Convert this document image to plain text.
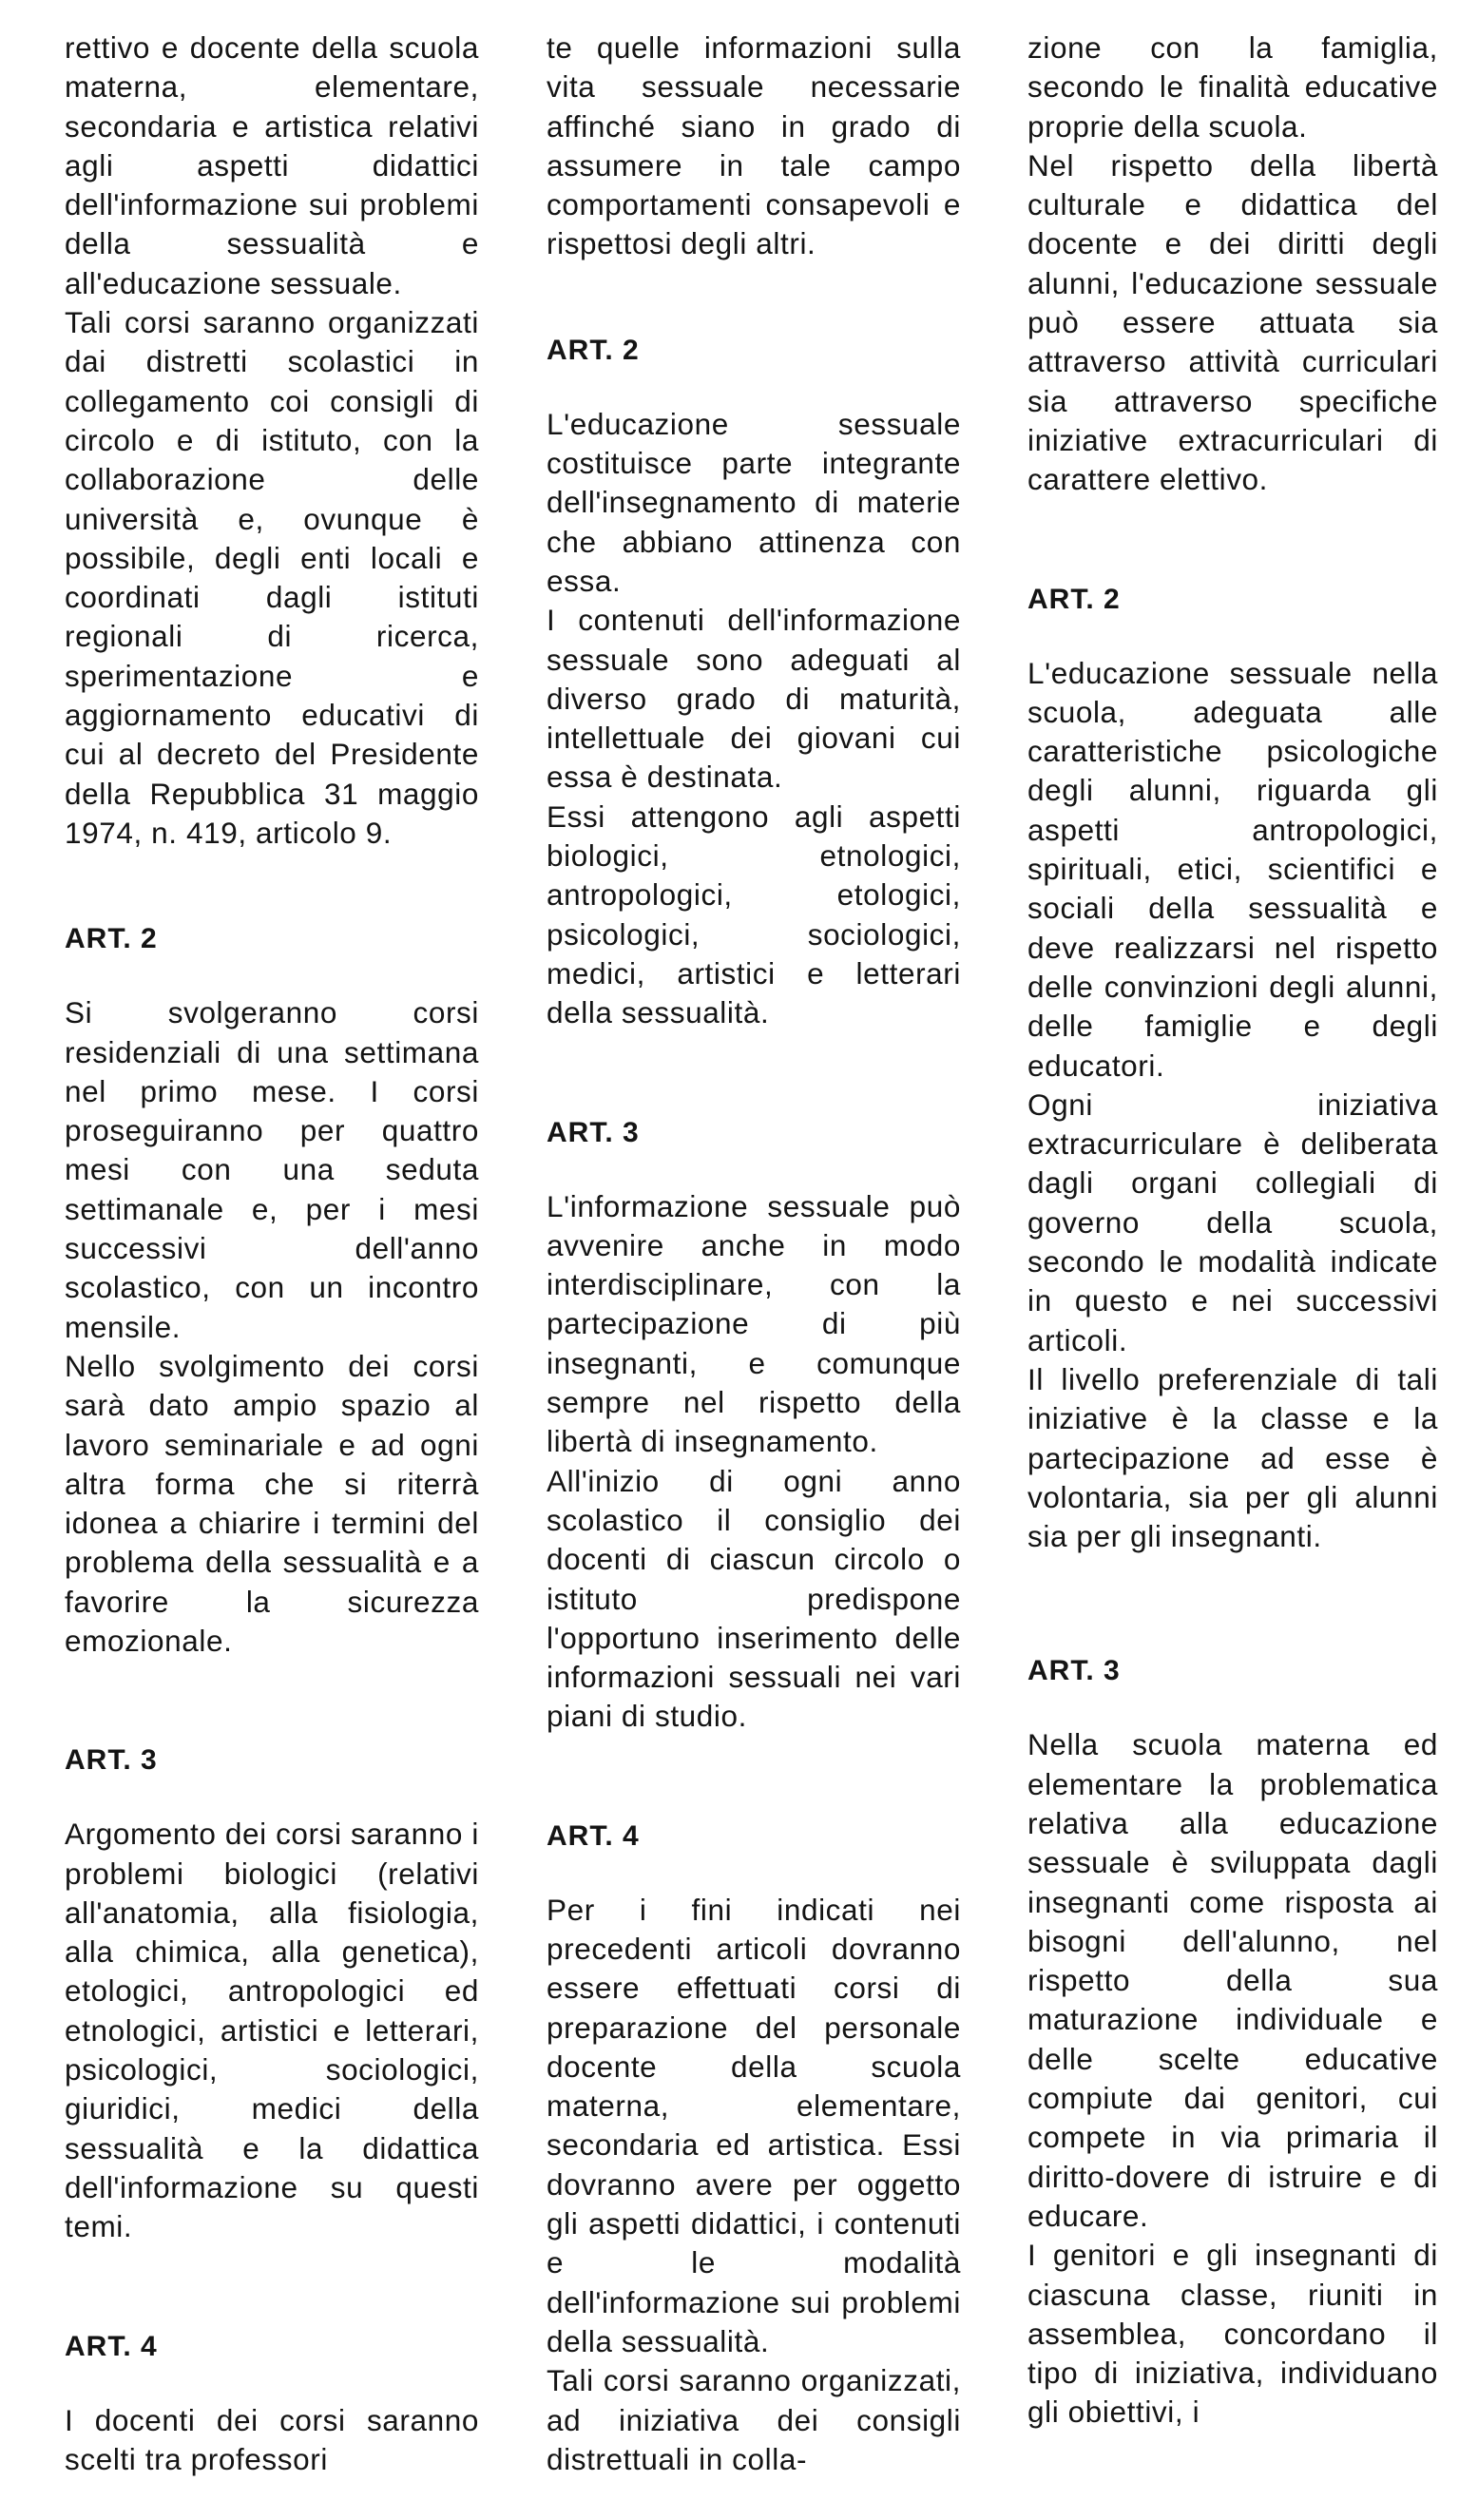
rettivo e docente della scuola materna, elementare, secondaria e artistica relativi agli aspetti didattici dell'informazione sui problemi della sessualità e all'educazione sessuale.

Tali corsi saranno organizzati dai distretti scolastici in collegamento coi consigli di circolo e di istituto, con la collaborazione delle università e, ovunque è possibile, degli enti locali e coordinati dagli istituti regionali di ricerca, sperimentazione e aggiornamento educativi di cui al decreto del Presidente della Repubblica 31 maggio 1974, n. 419, articolo 9.

ART. 2

Si svolgeranno corsi residenziali di una settimana nel primo mese. I corsi proseguiranno per quattro mesi con una seduta settimanale e, per i mesi successivi dell'anno scolastico, con un incontro mensile.

Nello svolgimento dei corsi sarà dato ampio spazio al lavoro seminariale e ad ogni altra forma che si riterrà idonea a chiarire i termini del problema della sessualità e a favorire la sicurezza emozionale.

ART. 3

Argomento dei corsi saranno i problemi biologici (relativi all'anatomia, alla fisiologia, alla chimica, alla genetica), etologici, antropologici ed etnologici, artistici e letterari, psicologici, sociologici, giuridici, medici della sessualità e la didattica dell'informazione su questi temi.

ART. 4

I docenti dei corsi saranno scelti tra professori

te quelle informazioni sulla vita sessuale necessarie affinché siano in grado di assumere in tale campo comportamenti consapevoli e rispettosi degli altri.

ART. 2

L'educazione sessuale costituisce parte integrante dell'insegnamento di materie che abbiano attinenza con essa.

I contenuti dell'informazione sessuale sono adeguati al diverso grado di maturità, intellettuale dei giovani cui essa è destinata.

Essi attengono agli aspetti biologici, etnologici, antropologici, etologici, psicologici, sociologici, medici, artistici e letterari della sessualità.

ART. 3

L'informazione sessuale può avvenire anche in modo interdisciplinare, con la partecipazione di più insegnanti, e comunque sempre nel rispetto della libertà di insegnamento.

All'inizio di ogni anno scolastico il consiglio dei docenti di ciascun circolo o istituto predispone l'opportuno inserimento delle informazioni sessuali nei vari piani di studio.

ART. 4

Per i fini indicati nei precedenti articoli dovranno essere effettuati corsi di preparazione del personale docente della scuola materna, elementare, secondaria ed artistica. Essi dovranno avere per oggetto gli aspetti didattici, i contenuti e le modalità dell'informazione sui problemi della sessualità.

Tali corsi saranno organizzati, ad iniziativa dei consigli distrettuali in colla-

zione con la famiglia, secondo le finalità educative proprie della scuola.

Nel rispetto della libertà culturale e didattica del docente e dei diritti degli alunni, l'educazione sessuale può essere attuata sia attraverso attività curriculari sia attraverso specifiche iniziative extracurriculari di carattere elettivo.

ART. 2

L'educazione sessuale nella scuola, adeguata alle caratteristiche psicologiche degli alunni, riguarda gli aspetti antropologici, spirituali, etici, scientifici e sociali della sessualità e deve realizzarsi nel rispetto delle convinzioni degli alunni, delle famiglie e degli educatori.

Ogni iniziativa extracurriculare è deliberata dagli organi collegiali di governo della scuola, secondo le modalità indicate in questo e nei successivi articoli.

Il livello preferenziale di tali iniziative è la classe e la partecipazione ad esse è volontaria, sia per gli alunni sia per gli insegnanti.

ART. 3

Nella scuola materna ed elementare la problematica relativa alla educazione sessuale è sviluppata dagli insegnanti come risposta ai bisogni dell'alunno, nel rispetto della sua maturazione individuale e delle scelte educative compiute dai genitori, cui compete in via primaria il diritto-dovere di istruire e di educare.

I genitori e gli insegnanti di ciascuna classe, riuniti in assemblea, concordano il tipo di iniziativa, individuano gli obiettivi, i
